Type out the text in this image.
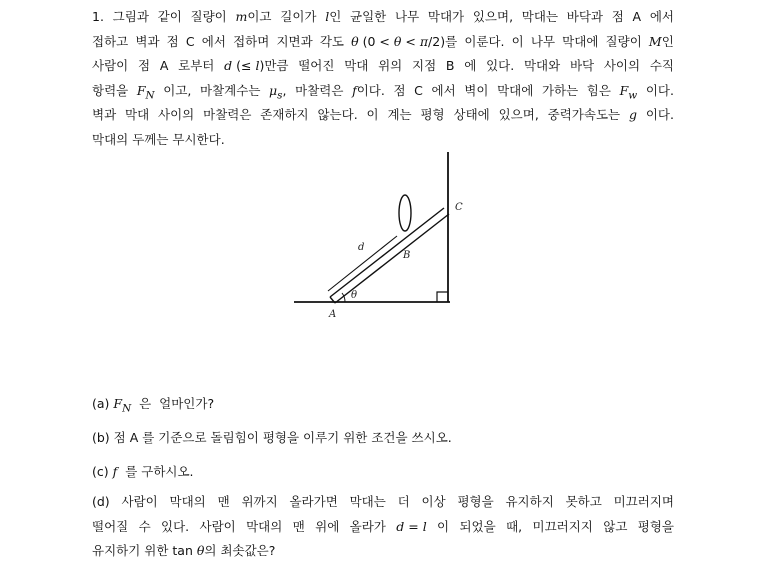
1. 그림과 같이 질량이 m이고 길이가 l인 균일한 나무 막대가 있으며, 막대는 바닥과 점 A 에서
접하고 벽과 점 C 에서 접하며 지면과 각도 θ (0 < θ < π/2)를 이룬다. 이 나무 막대에 질량이 M인
사람이 점 A 로부터 d (≤ l)만큼 떨어진 막대 위의 지점 B 에 있다. 막대와 바닥 사이의 수직
항력을 $F_N$ 이고, 마찰계수는 $\mu_s$, 마찰력은 f이다. 점 C 에서 벽이 막대에 가하는 힘은 $F_w$ 이다.
벽과 막대 사이의 마찰력은 존재하지 않는다. 이 계는 평형 상태에 있으며, 중력가속도는 g 이다.
막대의 두께는 무시한다.
C
d
B
θ
A
(a) $F_N$  은  얼마인가?
(b) 점 A 를 기준으로 돌림힘이 평형을 이루기 위한 조건을 쓰시오.
(c) f  를 구하시오.
(d) 사람이 막대의 맨 위까지 올라가면 막대는 더 이상 평형을 유지하지 못하고 미끄러지며
떨어질 수 있다. 사람이 막대의 맨 위에 올라가 d = l 이 되었을 때, 미끄러지지 않고 평형을
유지하기 위한 tan θ의 최솟값은?
